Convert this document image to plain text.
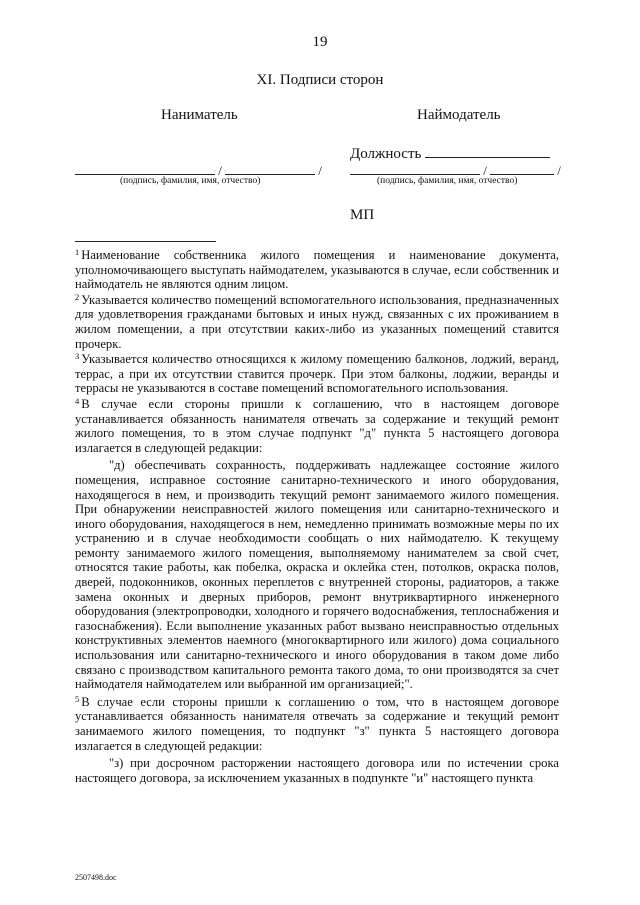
19
XI. Подписи сторон
Наниматель	Наймодатель
Должность
/	/	/	/
(подпись, фамилия, имя, отчество)	(подпись, фамилия, имя, отчество)
МП

$^1$ Наименование собственника жилого помещения и наименование документа, уполномочивающего выступать наймодателем, указываются в случае, если собственник и наймодатель не являются одним лицом.

$^2$ Указывается количество помещений вспомогательного использования, предназначенных для удовлетворения гражданами бытовых и иных нужд, связанных с их проживанием в жилом помещении, а при отсутствии каких-либо из указанных помещений ставится прочерк.

$^3$ Указывается количество относящихся к жилому помещению балконов, лоджий, веранд, террас, а при их отсутствии ставится прочерк. При этом балконы, лоджии, веранды и террасы не указываются в составе помещений вспомогательного использования.

$^4$ В случае если стороны пришли к соглашению, что в настоящем договоре устанавливается обязанность нанимателя отвечать за содержание и текущий ремонт жилого помещения, то в этом случае подпункт "д" пункта 5 настоящего договора излагается в следующей редакции:

"д) обеспечивать сохранность, поддерживать надлежащее состояние жилого помещения, исправное состояние санитарно-технического и иного оборудования, находящегося в нем, и производить текущий ремонт занимаемого жилого помещения. При обнаружении неисправностей жилого помещения или санитарно-технического и иного оборудования, находящегося в нем, немедленно принимать возможные меры по их устранению и в случае необходимости сообщать о них наймодателю. К текущему ремонту занимаемого жилого помещения, выполняемому нанимателем за свой счет, относятся такие работы, как побелка, окраска и оклейка стен, потолков, окраска полов, дверей, подоконников, оконных переплетов с внутренней стороны, радиаторов, а также замена оконных и дверных приборов, ремонт внутриквартирного инженерного оборудования (электропроводки, холодного и горячего водоснабжения, теплоснабжения и газоснабжения). Если выполнение указанных работ вызвано неисправностью отдельных конструктивных элементов наемного (многоквартирного или жилого) дома социального использования или санитарно-технического и иного оборудования в таком доме либо связано с производством капитального ремонта такого дома, то они производятся за счет наймодателя наймодателем или выбранной им организацией;".

$^5$ В случае если стороны пришли к соглашению о том, что в настоящем договоре устанавливается обязанность нанимателя отвечать за содержание и текущий ремонт занимаемого жилого помещения, то подпункт "з" пункта 5 настоящего договора излагается в следующей редакции:

"з) при досрочном расторжении настоящего договора или по истечении срока настоящего договора, за исключением указанных в подпункте "и" настоящего пункта

2507498.doc
